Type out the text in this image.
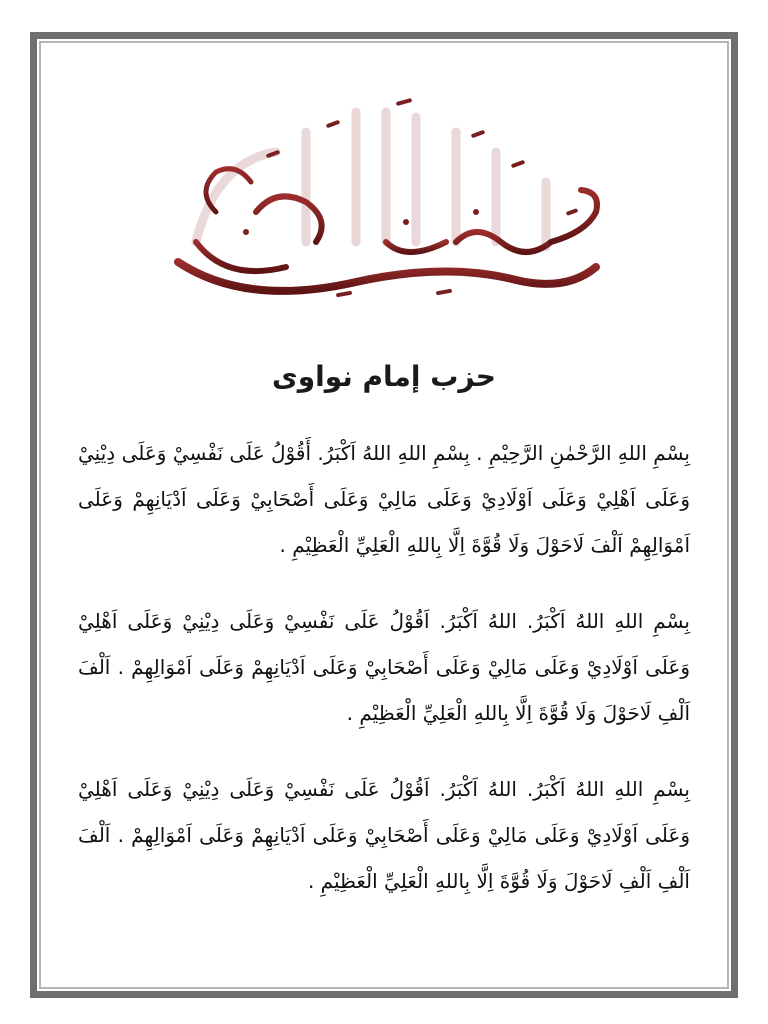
حزب إمام نواوى
بِسْمِ اللهِ الرَّحْمٰنِ الرَّحِيْمِ . بِسْمِ اللهِ اللهُ اَكْبَرُ. أَقُوْلُ عَلَى نَفْسِيْ وَعَلَى دِيْنِيْ وَعَلَى اَهْلِيْ وَعَلَى اَوْلَادِيْ وَعَلَى مَالِيْ وَعَلَى أَصْحَابِيْ وَعَلَى اَدْيَانِهِمْ وَعَلَى اَمْوَالِهِمْ اَلْفَ لَاحَوْلَ وَلَا قُوَّةَ اِلَّا بِاللهِ الْعَلِيِّ الْعَظِيْمِ .
بِسْمِ اللهِ اللهُ اَكْبَرُ. اللهُ اَكْبَرُ. اَقُوْلُ عَلَى نَفْسِيْ وَعَلَى دِيْنِيْ وَعَلَى اَهْلِيْ وَعَلَى اَوْلَادِيْ وَعَلَى مَالِيْ وَعَلَى أَصْحَابِيْ وَعَلَى اَدْيَانِهِمْ وَعَلَى اَمْوَالِهِمْ . اَلْفَ اَلْفِ لَاحَوْلَ وَلَا قُوَّةَ اِلَّا بِاللهِ الْعَلِيِّ الْعَظِيْمِ .
بِسْمِ اللهِ اللهُ اَكْبَرُ. اللهُ اَكْبَرُ. اَقُوْلُ عَلَى نَفْسِيْ وَعَلَى دِيْنِيْ وَعَلَى اَهْلِيْ وَعَلَى اَوْلَادِيْ وَعَلَى مَالِيْ وَعَلَى أَصْحَابِيْ وَعَلَى اَدْيَانِهِمْ وَعَلَى اَمْوَالِهِمْ . اَلْفَ اَلْفِ اَلْفِ لَاحَوْلَ وَلَا قُوَّةَ اِلَّا بِاللهِ الْعَلِيِّ الْعَظِيْمِ .
